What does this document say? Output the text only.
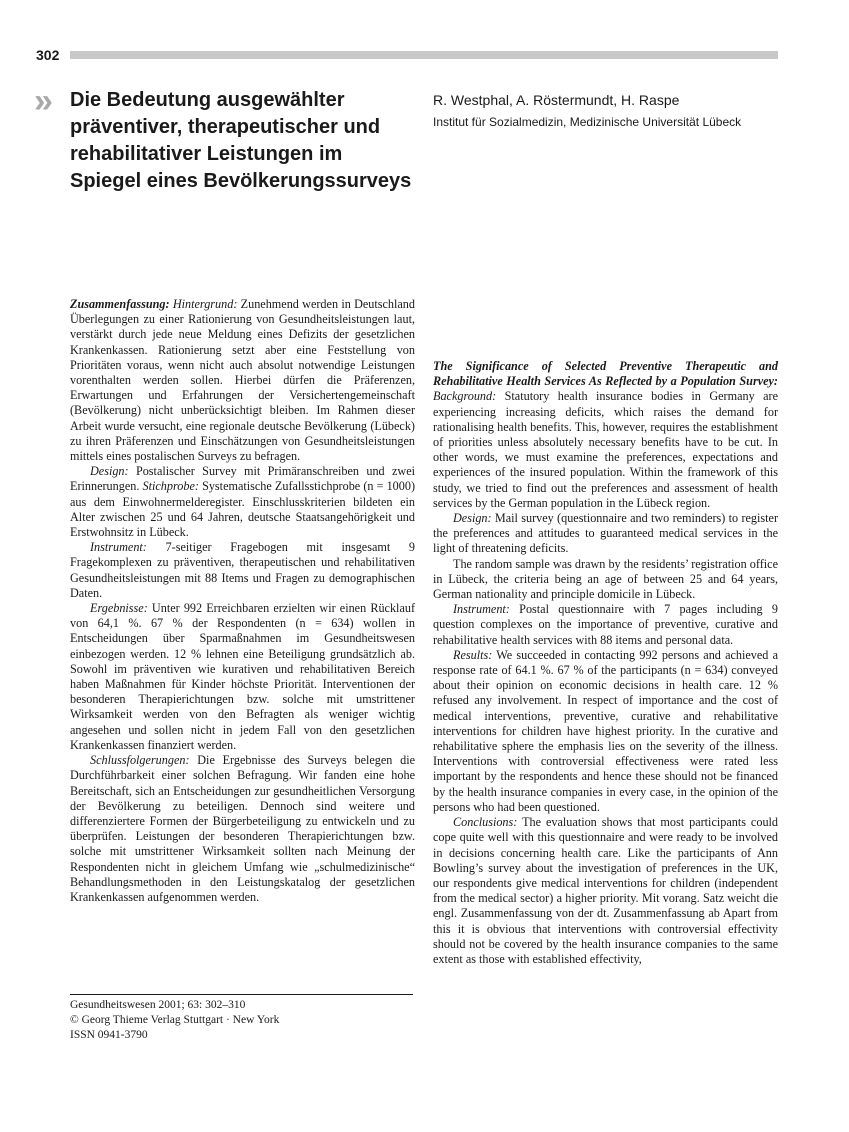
302
» Die Bedeutung ausgewählter präventiver, therapeutischer und rehabilitativer Leistungen im Spiegel eines Bevölkerungssurveys
R. Westphal, A. Röstermundt, H. Raspe
Institut für Sozialmedizin, Medizinische Universität Lübeck

Zusammenfassung: Hintergrund: Zunehmend werden in Deutschland Überlegungen zu einer Rationierung von Gesundheitsleistungen laut, verstärkt durch jede neue Meldung eines Defizits der gesetzlichen Krankenkassen. Rationierung setzt aber eine Feststellung von Prioritäten voraus, wenn nicht auch absolut notwendige Leistungen vorenthalten werden sollen. Hierbei dürfen die Präferenzen, Erwartungen und Erfahrungen der Versichertengemeinschaft (Bevölkerung) nicht unberücksichtigt bleiben. Im Rahmen dieser Arbeit wurde versucht, eine regionale deutsche Bevölkerung (Lübeck) zu ihren Präferenzen und Einschätzungen von Gesundheitsleistungen mittels eines postalischen Surveys zu befragen.

Design: Postalischer Survey mit Primäranschreiben und zwei Erinnerungen. Stichprobe: Systematische Zufallsstichprobe (n = 1000) aus dem Einwohnermelderegister. Einschlusskriterien bildeten ein Alter zwischen 25 und 64 Jahren, deutsche Staatsangehörigkeit und Erstwohnsitz in Lübeck.

Instrument: 7-seitiger Fragebogen mit insgesamt 9 Fragekomplexen zu präventiven, therapeutischen und rehabilitativen Gesundheitsleistungen mit 88 Items und Fragen zu demographischen Daten.

Ergebnisse: Unter 992 Erreichbaren erzielten wir einen Rücklauf von 64,1 %. 67 % der Respondenten (n = 634) wollen in Entscheidungen über Sparmaßnahmen im Gesundheitswesen einbezogen werden. 12 % lehnen eine Beteiligung grundsätzlich ab. Sowohl im präventiven wie kurativen und rehabilitativen Bereich haben Maßnahmen für Kinder höchste Priorität. Interventionen der besonderen Therapierichtungen bzw. solche mit umstrittener Wirksamkeit werden von den Befragten als weniger wichtig angesehen und sollen nicht in jedem Fall von den gesetzlichen Krankenkassen finanziert werden.

Schlussfolgerungen: Die Ergebnisse des Surveys belegen die Durchführbarkeit einer solchen Befragung. Wir fanden eine hohe Bereitschaft, sich an Entscheidungen zur gesundheitlichen Versorgung der Bevölkerung zu beteiligen. Dennoch sind weitere und differenziertere Formen der Bürgerbeteiligung zu entwickeln und zu überprüfen. Leistungen der besonderen Therapierichtungen bzw. solche mit umstrittener Wirksamkeit sollten nach Meinung der Respondenten nicht in gleichem Umfang wie „schulmedizinische“ Behandlungsmethoden in den Leistungskatalog der gesetzlichen Krankenkassen aufgenommen werden.

The Significance of Selected Preventive Therapeutic and Rehabilitative Health Services As Reflected by a Population Survey: Background: Statutory health insurance bodies in Germany are experiencing increasing deficits, which raises the demand for rationalising health benefits. This, however, requires the establishment of priorities unless absolutely necessary benefits have to be cut. In other words, we must examine the preferences, expectations and experiences of the insured population. Within the framework of this study, we tried to find out the preferences and assessment of health services by the German population in the Lübeck region.

Design: Mail survey (questionnaire and two reminders) to register the preferences and attitudes to guaranteed medical services in the light of threatening deficits.

The random sample was drawn by the residents’ registration office in Lübeck, the criteria being an age of between 25 and 64 years, German nationality and principle domicile in Lübeck.

Instrument: Postal questionnaire with 7 pages including 9 question complexes on the importance of preventive, curative and rehabilitative health services with 88 items and personal data.

Results: We succeeded in contacting 992 persons and achieved a response rate of 64.1 %. 67 % of the participants (n = 634) conveyed about their opinion on economic decisions in health care. 12 % refused any involvement. In respect of importance and the cost of medical interventions, preventive, curative and rehabilitative interventions for children have highest priority. In the curative and rehabilitative sphere the emphasis lies on the severity of the illness. Interventions with controversial effectiveness were rated less important by the respondents and hence these should not be financed by the health insurance companies in every case, in the opinion of the persons who had been questioned.

Conclusions: The evaluation shows that most participants could cope quite well with this questionnaire and were ready to be involved in decisions concerning health care. Like the participants of Ann Bowling’s survey about the investigation of preferences in the UK, our respondents give medical interventions for children (independent from the medical sector) a higher priority. Mit vorang. Satz weicht die engl. Zusammenfassung von der dt. Zusammenfassung ab Apart from this it is obvious that interventions with controversial effectivity should not be covered by the health insurance companies to the same extent as those with established effectivity,

Gesundheitswesen 2001; 63: 302–310
© Georg Thieme Verlag Stuttgart · New York
ISSN 0941-3790
